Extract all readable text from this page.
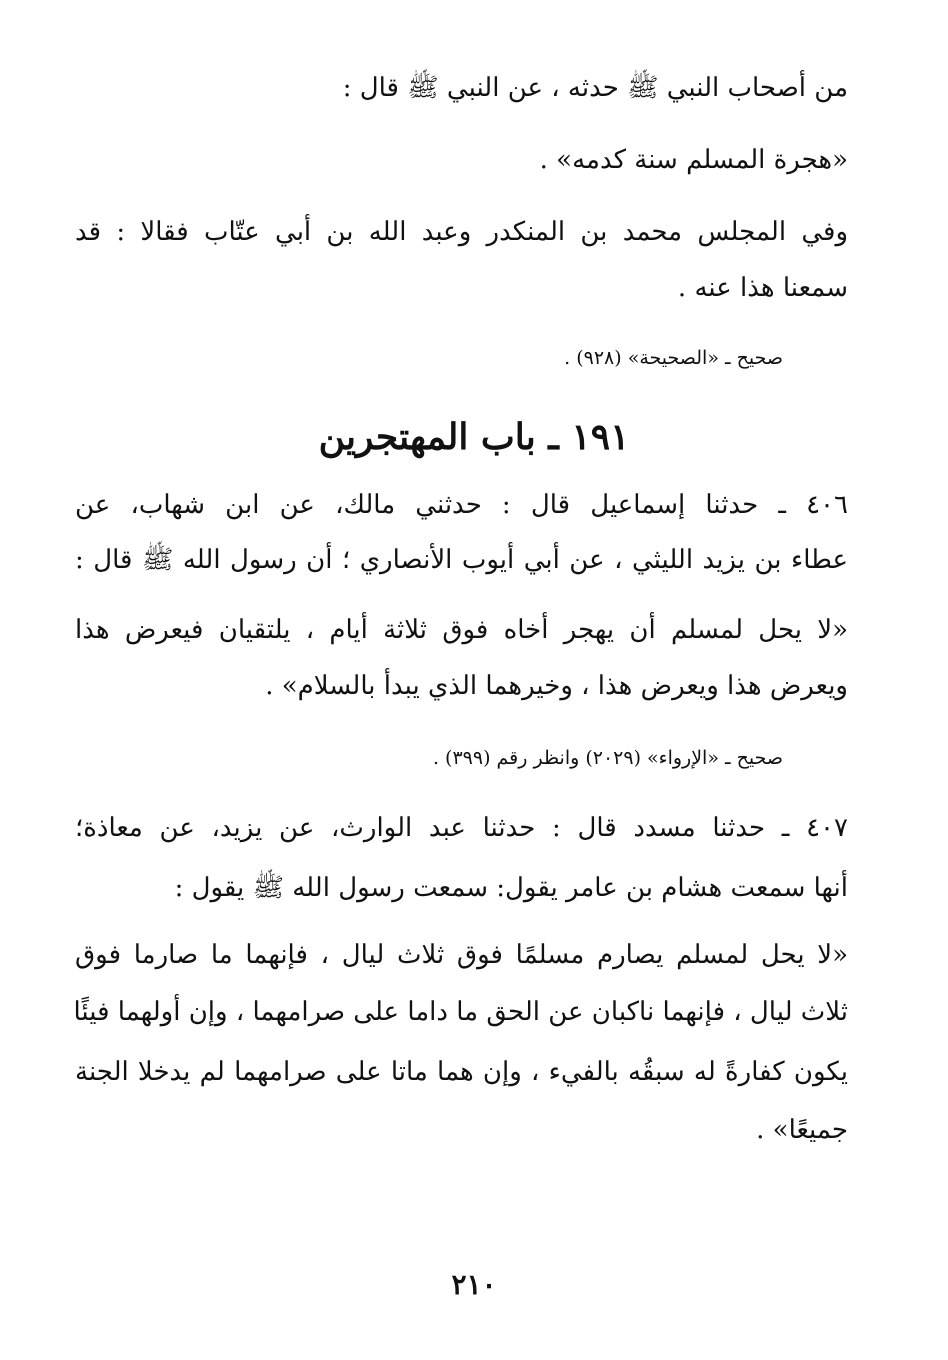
من أصحاب النبي ﷺ حدثه ، عن النبي ﷺ قال :
«هجرة المسلم سنة كدمه» .
وفي المجلس محمد بن المنكدر وعبد الله بن أبي عتّاب فقالا : قد
سمعنا هذا عنه .
صحيح ـ «الصحيحة» (٩٢٨) .
١٩١ ـ باب المهتجرين
٤٠٦ ـ حدثنا إسماعيل قال : حدثني مالك، عن ابن شهاب، عن
عطاء بن يزيد الليثي ، عن أبي أيوب الأنصاري ؛ أن رسول الله ﷺ قال :
«لا يحل لمسلم أن يهجر أخاه فوق ثلاثة أيام ، يلتقيان فيعرض هذا
ويعرض هذا ويعرض هذا ، وخيرهما الذي يبدأ بالسلام» .
صحيح ـ «الإرواء» (٢٠٢٩) وانظر رقم (٣٩٩) .
٤٠٧ ـ حدثنا مسدد قال : حدثنا عبد الوارث، عن يزيد، عن معاذة؛
أنها سمعت هشام بن عامر يقول: سمعت رسول الله ﷺ يقول :
«لا يحل لمسلم يصارم مسلمًا فوق ثلاث ليال ، فإنهما ما صارما فوق
ثلاث ليال ، فإنهما ناكبان عن الحق ما داما على صرامهما ، وإن أولهما فيئًا
يكون كفارةً له سبقُه بالفيء ، وإن هما ماتا على صرامهما لم يدخلا الجنة
جميعًا» .
٢١٠
